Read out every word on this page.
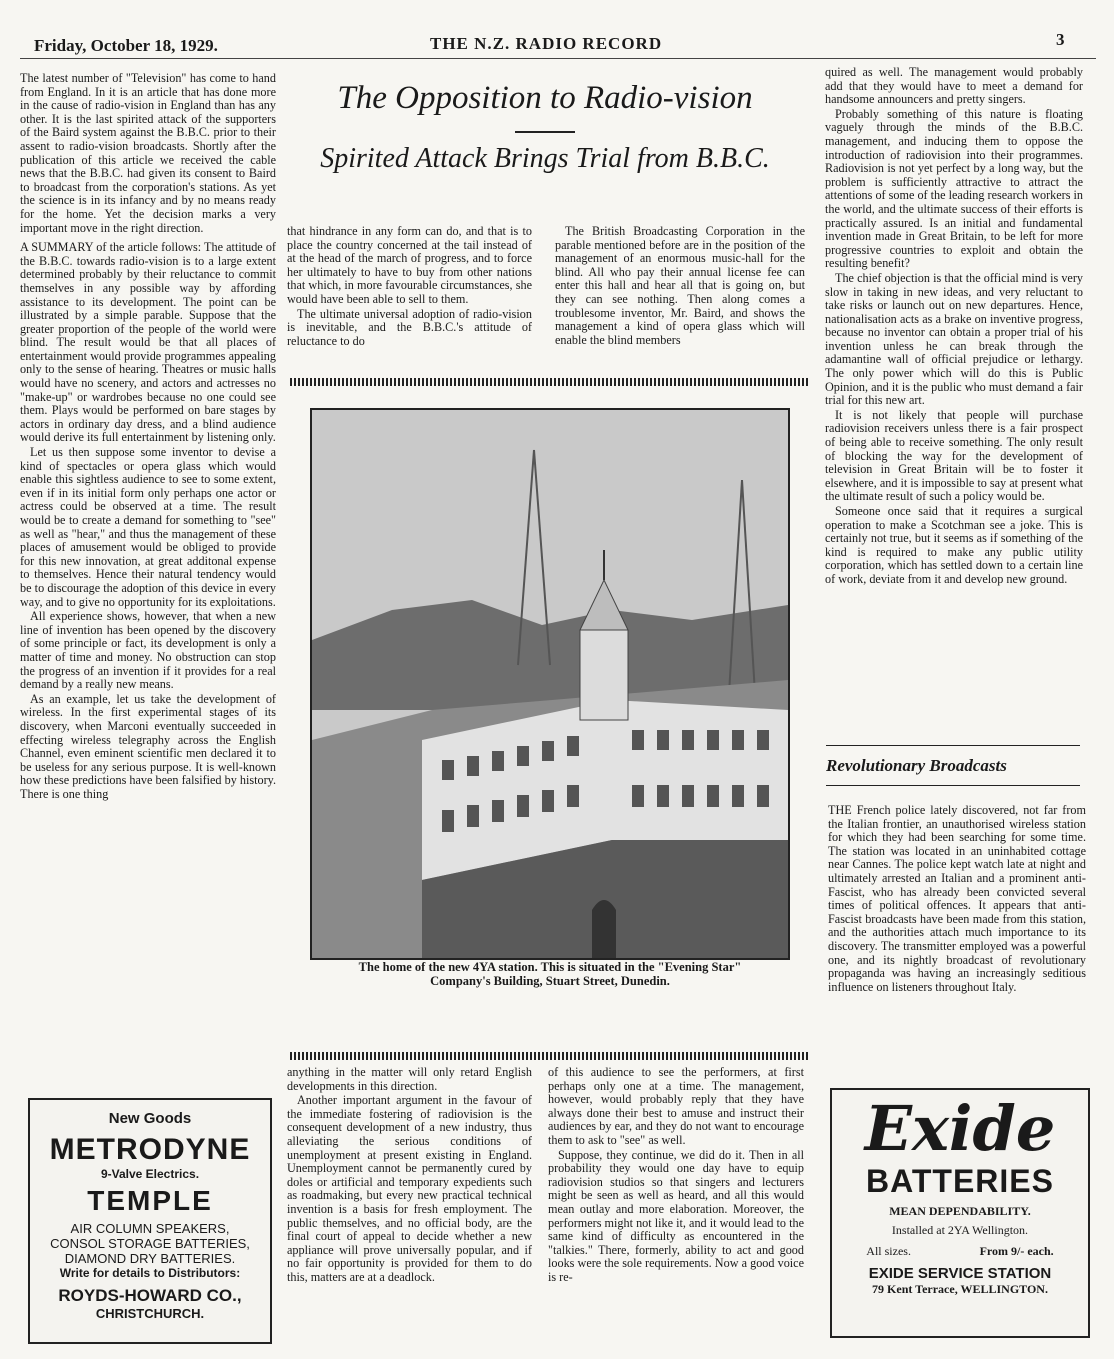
Friday, October 18, 1929.	THE N.Z. RADIO RECORD	3

The latest number of "Television" has come to hand from England. In it is an article that has done more in the cause of radio-vision in England than has any other. It is the last spirited attack of the supporters of the Baird system against the B.B.C. prior to their assent to radio-vision broadcasts. Shortly after the publication of this article we received the cable news that the B.B.C. had given its consent to Baird to broadcast from the corporation's stations. As yet the science is in its infancy and by no means ready for the home. Yet the decision marks a very important move in the right direction.

A SUMMARY of the article follows: The attitude of the B.B.C. towards radio-vision is to a large extent determined probably by their reluctance to commit themselves in any possible way by affording assistance to its development. The point can be illustrated by a simple parable. Suppose that the greater proportion of the people of the world were blind. The result would be that all places of entertainment would provide programmes appealing only to the sense of hearing. Theatres or music halls would have no scenery, and actors and actresses no "make-up" or wardrobes because no one could see them. Plays would be performed on bare stages by actors in ordinary day dress, and a blind audience would derive its full entertainment by listening only.

Let us then suppose some inventor to devise a kind of spectacles or opera glass which would enable this sightless audience to see to some extent, even if in its initial form only perhaps one actor or actress could be observed at a time. The result would be to create a demand for something to "see" as well as "hear," and thus the management of these places of amusement would be obliged to provide for this new innovation, at great additonal expense to themselves. Hence their natural tendency would be to discourage the adoption of this device in every way, and to give no opportunity for its exploitations.

All experience shows, however, that when a new line of invention has been opened by the discovery of some principle or fact, its development is only a matter of time and money. No obstruction can stop the progress of an invention if it provides for a real demand by a really new means.

As an example, let us take the development of wireless. In the first experimental stages of its discovery, when Marconi eventually succeeded in effecting wireless telegraphy across the English Channel, even eminent scientific men declared it to be useless for any serious purpose. It is well-known how these predictions have been falsified by history. There is one thing

The Opposition to Radio-vision
Spirited Attack Brings Trial from B.B.C.

that hindrance in any form can do, and that is to place the country concerned at the tail instead of at the head of the march of progress, and to force her ultimately to have to buy from other nations that which, in more favourable circumstances, she would have been able to sell to them.

The ultimate universal adoption of radio-vision is inevitable, and the B.B.C.'s attitude of reluctance to do

The British Broadcasting Corporation in the parable mentioned before are in the position of the management of an enormous music-hall for the blind. All who pay their annual license fee can enter this hall and hear all that is going on, but they can see nothing. Then along comes a troublesome inventor, Mr. Baird, and shows the management a kind of opera glass which will enable the blind members

The home of the new 4YA station. This is situated in the "Evening Star"
Company's Building, Stuart Street, Dunedin.

anything in the matter will only retard English developments in this direction.

Another important argument in the favour of the immediate fostering of radiovision is the consequent development of a new industry, thus alleviating the serious conditions of unemployment at present existing in England. Unemployment cannot be permanently cured by doles or artificial and temporary expedients such as roadmaking, but every new practical technical invention is a basis for fresh employment. The public themselves, and no official body, are the final court of appeal to decide whether a new appliance will prove universally popular, and if no fair opportunity is provided for them to do this, matters are at a deadlock.

of this audience to see the performers, at first perhaps only one at a time. The management, however, would probably reply that they have always done their best to amuse and instruct their audiences by ear, and they do not want to encourage them to ask to "see" as well.

Suppose, they continue, we did do it. Then in all probability they would one day have to equip radiovision studios so that singers and lecturers might be seen as well as heard, and all this would mean outlay and more elaboration. Moreover, the performers might not like it, and it would lead to the same kind of difficulty as encountered in the "talkies." There, formerly, ability to act and good looks were the sole requirements. Now a good voice is re-

quired as well. The management would probably add that they would have to meet a demand for handsome announcers and pretty singers.

Probably something of this nature is floating vaguely through the minds of the B.B.C. management, and inducing them to oppose the introduction of radiovision into their programmes. Radiovision is not yet perfect by a long way, but the problem is sufficiently attractive to attract the attentions of some of the leading research workers in the world, and the ultimate success of their efforts is practically assured. Is an initial and fundamental invention made in Great Britain, to be left for more progressive countries to exploit and obtain the resulting benefit?

The chief objection is that the official mind is very slow in taking in new ideas, and very reluctant to take risks or launch out on new departures. Hence, nationalisation acts as a brake on inventive progress, because no inventor can obtain a proper trial of his invention unless he can break through the adamantine wall of official prejudice or lethargy. The only power which will do this is Public Opinion, and it is the public who must demand a fair trial for this new art.

It is not likely that people will purchase radiovision receivers unless there is a fair prospect of being able to receive something. The only result of blocking the way for the development of television in Great Britain will be to foster it elsewhere, and it is impossible to say at present what the ultimate result of such a policy would be.

Someone once said that it requires a surgical operation to make a Scotchman see a joke. This is certainly not true, but it seems as if something of the kind is required to make any public utility corporation, which has settled down to a certain line of work, deviate from it and develop new ground.

Revolutionary Broadcasts
THE French police lately discovered, not far from the Italian frontier, an unauthorised wireless station for which they had been searching for some time. The station was located in an uninhabited cottage near Cannes. The police kept watch late at night and ultimately arrested an Italian and a prominent anti-Fascist, who has already been convicted several times of political offences. It appears that anti-Fascist broadcasts have been made from this station, and the authorities attach much importance to its discovery. The transmitter employed was a powerful one, and its nightly broadcast of revolutionary propaganda was having an increasingly seditious influence on listeners throughout Italy.
New Goods
METRODYNE
9-Valve Electrics.
TEMPLE
AIR COLUMN SPEAKERS,
CONSOL STORAGE BATTERIES,
DIAMOND DRY BATTERIES.
Write for details to Distributors:
ROYDS-HOWARD CO.,
CHRISTCHURCH.
Exide
BATTERIES
MEAN DEPENDABILITY.
Installed at 2YA Wellington.
All sizes.	From 9/- each.
EXIDE SERVICE STATION
79 Kent Terrace, WELLINGTON.
